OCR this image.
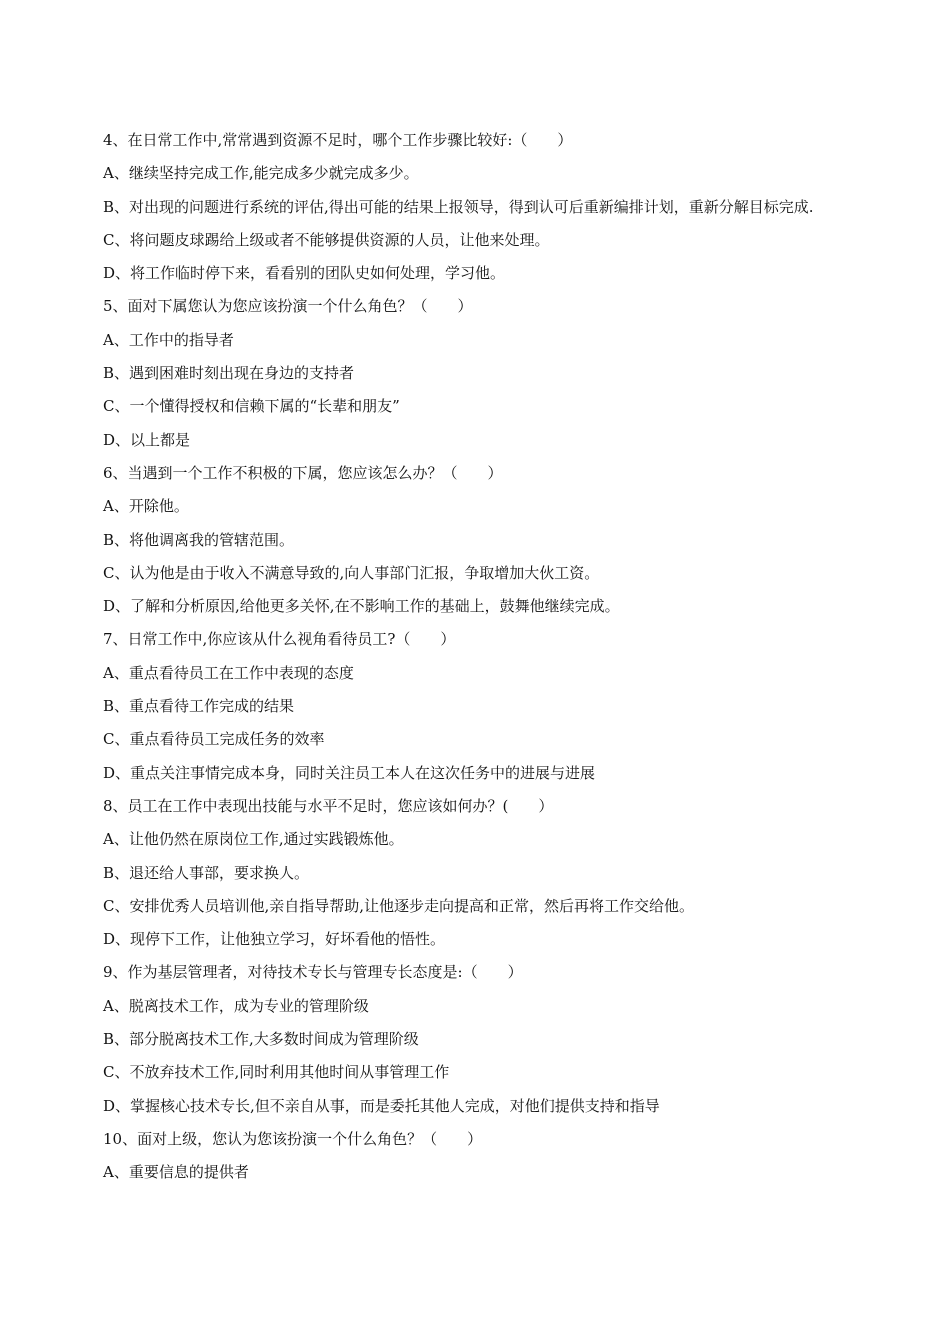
4、在日常工作中,常常遇到资源不足时，哪个工作步骤比较好:（　　）
A、继续坚持完成工作,能完成多少就完成多少。
B、对出现的问题进行系统的评估,得出可能的结果上报领导，得到认可后重新编排计划，重新分解目标完成.
C、将问题皮球踢给上级或者不能够提供资源的人员，让他来处理。
D、将工作临时停下来，看看别的团队史如何处理，学习他。
5、面对下属您认为您应该扮演一个什么角色？（　　）
A、工作中的指导者
B、遇到困难时刻出现在身边的支持者
C、一个懂得授权和信赖下属的“长辈和朋友”
D、以上都是
6、当遇到一个工作不积极的下属，您应该怎么办？（　　）
A、开除他。
B、将他调离我的管辖范围。
C、认为他是由于收入不满意导致的,向人事部门汇报，争取增加大伙工资。
D、了解和分析原因,给他更多关怀,在不影响工作的基础上，鼓舞他继续完成。
7、日常工作中,你应该从什么视角看待员工?（　　）
A、重点看待员工在工作中表现的态度
B、重点看待工作完成的结果
C、重点看待员工完成任务的效率
D、重点关注事情完成本身，同时关注员工本人在这次任务中的进展与进展
8、员工在工作中表现出技能与水平不足时，您应该如何办？(　　）
A、让他仍然在原岗位工作,通过实践锻炼他。
B、退还给人事部，要求换人。
C、安排优秀人员培训他,亲自指导帮助,让他逐步走向提高和正常，然后再将工作交给他。
D、现停下工作，让他独立学习，好坏看他的悟性。
9、作为基层管理者，对待技术专长与管理专长态度是:（　　）
A、脱离技术工作，成为专业的管理阶级
B、部分脱离技术工作,大多数时间成为管理阶级
C、不放弃技术工作,同时利用其他时间从事管理工作
D、掌握核心技术专长,但不亲自从事，而是委托其他人完成，对他们提供支持和指导
10、面对上级，您认为您该扮演一个什么角色？（　　）
A、重要信息的提供者
